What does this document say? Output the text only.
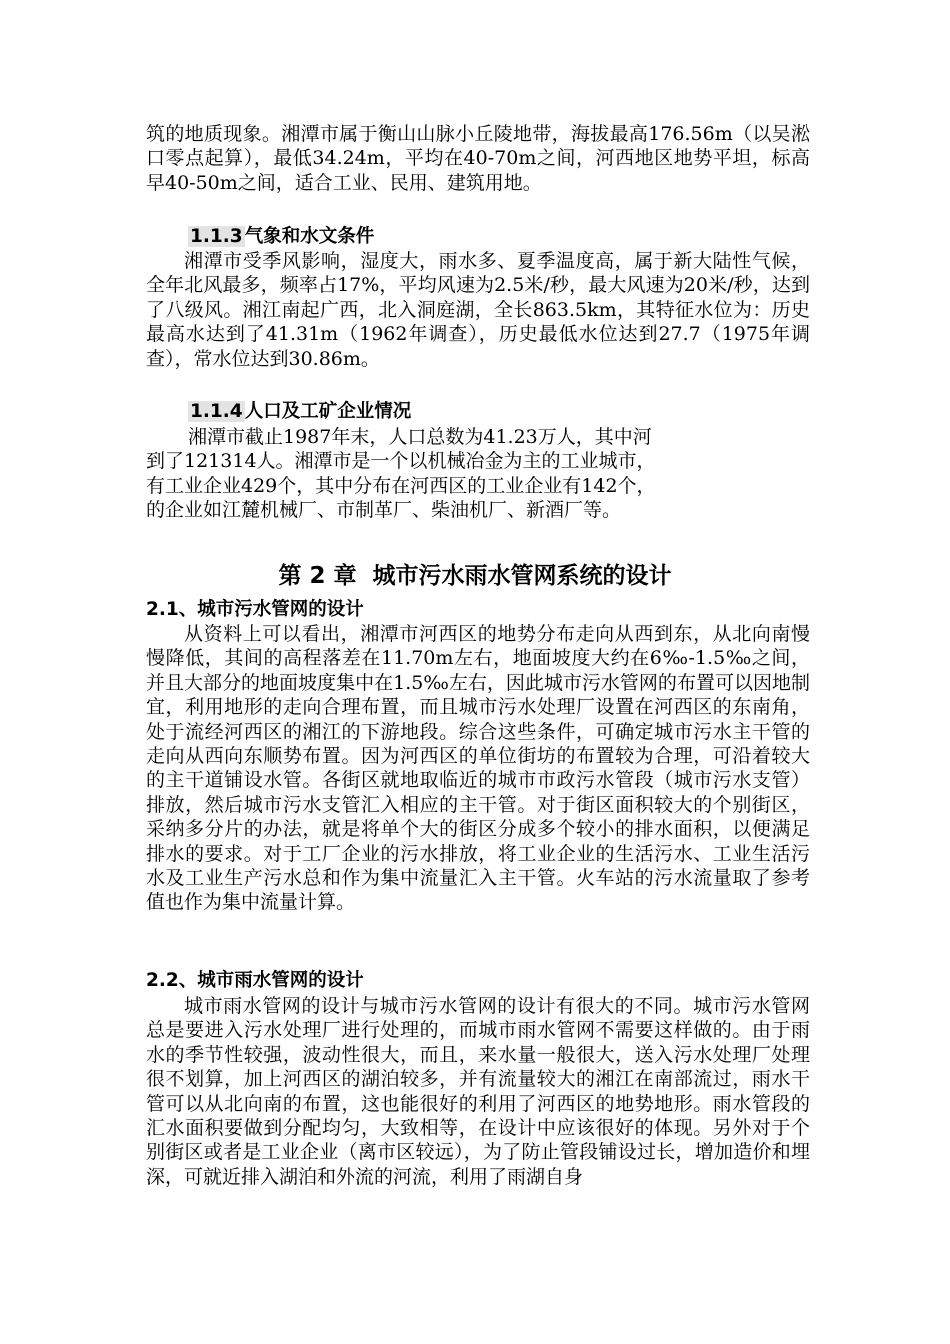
筑的地质现象。湘潭市属于衡山山脉小丘陵地带，海拔最高176.56m（以吴淞口零点起算），最低34.24m，平均在40-70m之间，河西地区地势平坦，标高早40-50m之间，适合工业、民用、建筑用地。

1.1.3 气象和水文条件

湘潭市受季风影响，湿度大，雨水多、夏季温度高，属于新大陆性气候，全年北风最多，频率占17%，平均风速为2.5米/秒，最大风速为20米/秒，达到了八级风。湘江南起广西，北入洞庭湖，全长863.5km，其特征水位为：历史最高水达到了41.31m（1962年调查），历史最低水位达到27.7（1975年调查），常水位达到30.86m。

1.1.4 人口及工矿企业情况
湘潭市截止1987年末，人口总数为41.23万人，其中河
到了121314人。湘潭市是一个以机械冶金为主的工业城市，
有工业企业429个，其中分布在河西区的工业企业有142个，
的企业如江麓机械厂、市制革厂、柴油机厂、新酒厂等。
第 2 章 城市污水雨水管网系统的设计
2.1、城市污水管网的设计

从资料上可以看出，湘潭市河西区的地势分布走向从西到东，从北向南慢慢降低，其间的高程落差在11.70m左右，地面坡度大约在6‰-1.5‰之间，并且大部分的地面坡度集中在1.5‰左右，因此城市污水管网的布置可以因地制宜，利用地形的走向合理布置，而且城市污水处理厂设置在河西区的东南角，处于流经河西区的湘江的下游地段。综合这些条件，可确定城市污水主干管的走向从西向东顺势布置。因为河西区的单位街坊的布置较为合理，可沿着较大的主干道铺设水管。各街区就地取临近的城市市政污水管段（城市污水支管）排放，然后城市污水支管汇入相应的主干管。对于街区面积较大的个别街区，采纳多分片的办法，就是将单个大的街区分成多个较小的排水面积，以便满足排水的要求。对于工厂企业的污水排放，将工业企业的生活污水、工业生活污水及工业生产污水总和作为集中流量汇入主干管。火车站的污水流量取了参考值也作为集中流量计算。

2.2、城市雨水管网的设计

城市雨水管网的设计与城市污水管网的设计有很大的不同。城市污水管网总是要进入污水处理厂进行处理的，而城市雨水管网不需要这样做的。由于雨水的季节性较强，波动性很大，而且，来水量一般很大，送入污水处理厂处理很不划算，加上河西区的湖泊较多，并有流量较大的湘江在南部流过，雨水干管可以从北向南的布置，这也能很好的利用了河西区的地势地形。雨水管段的汇水面积要做到分配均匀，大致相等，在设计中应该很好的体现。另外对于个别街区或者是工业企业（离市区较远），为了防止管段铺设过长，增加造价和埋深，可就近排入湖泊和外流的河流，利用了雨湖自身
